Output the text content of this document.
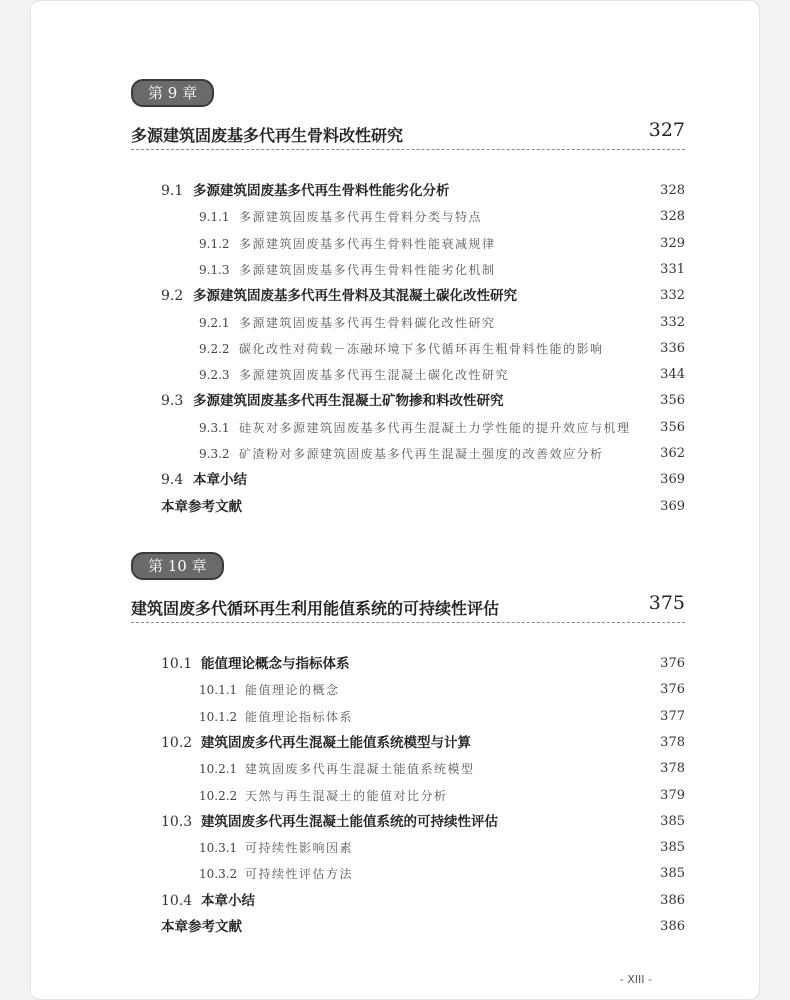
第 9 章
多源建筑固废基多代再生骨料改性研究	327
9.1 多源建筑固废基多代再生骨料性能劣化分析	328
9.1.1 多源建筑固废基多代再生骨料分类与特点	328
9.1.2 多源建筑固废基多代再生骨料性能衰减规律	329
9.1.3 多源建筑固废基多代再生骨料性能劣化机制	331
9.2 多源建筑固废基多代再生骨料及其混凝土碳化改性研究	332
9.2.1 多源建筑固废基多代再生骨料碳化改性研究	332
9.2.2 碳化改性对荷载－冻融环境下多代循环再生粗骨料性能的影响	336
9.2.3 多源建筑固废基多代再生混凝土碳化改性研究	344
9.3 多源建筑固废基多代再生混凝土矿物掺和料改性研究	356
9.3.1 硅灰对多源建筑固废基多代再生混凝土力学性能的提升效应与机理 356
9.3.2 矿渣粉对多源建筑固废基多代再生混凝土强度的改善效应分析	362
9.4 本章小结	369
本章参考文献	369
第 10 章
建筑固废多代循环再生利用能值系统的可持续性评估	375
10.1 能值理论概念与指标体系	376
10.1.1 能值理论的概念	376
10.1.2 能值理论指标体系	377
10.2 建筑固废多代再生混凝土能值系统模型与计算	378
10.2.1 建筑固废多代再生混凝土能值系统模型	378
10.2.2 天然与再生混凝土的能值对比分析	379
10.3 建筑固废多代再生混凝土能值系统的可持续性评估	385
10.3.1 可持续性影响因素	385
10.3.2 可持续性评估方法	385
10.4 本章小结	386
本章参考文献	386
- XIII -
